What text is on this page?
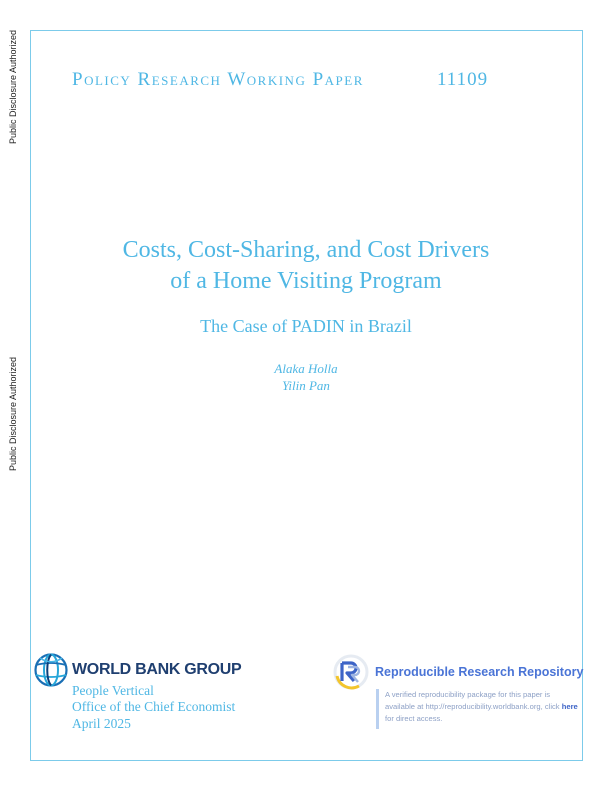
Public Disclosure Authorized
Public Disclosure Authorized
Policy Research Working Paper	11109
Costs, Cost-Sharing, and Cost Drivers
of a Home Visiting Program
The Case of PADIN in Brazil
Alaka Holla
Yilin Pan
WORLD BANK GROUP
People Vertical
Office of the Chief Economist
April 2025
Reproducible Research Repository
A verified reproducibility package for this paper is available at http://reproducibility.worldbank.org, click here for direct access.
